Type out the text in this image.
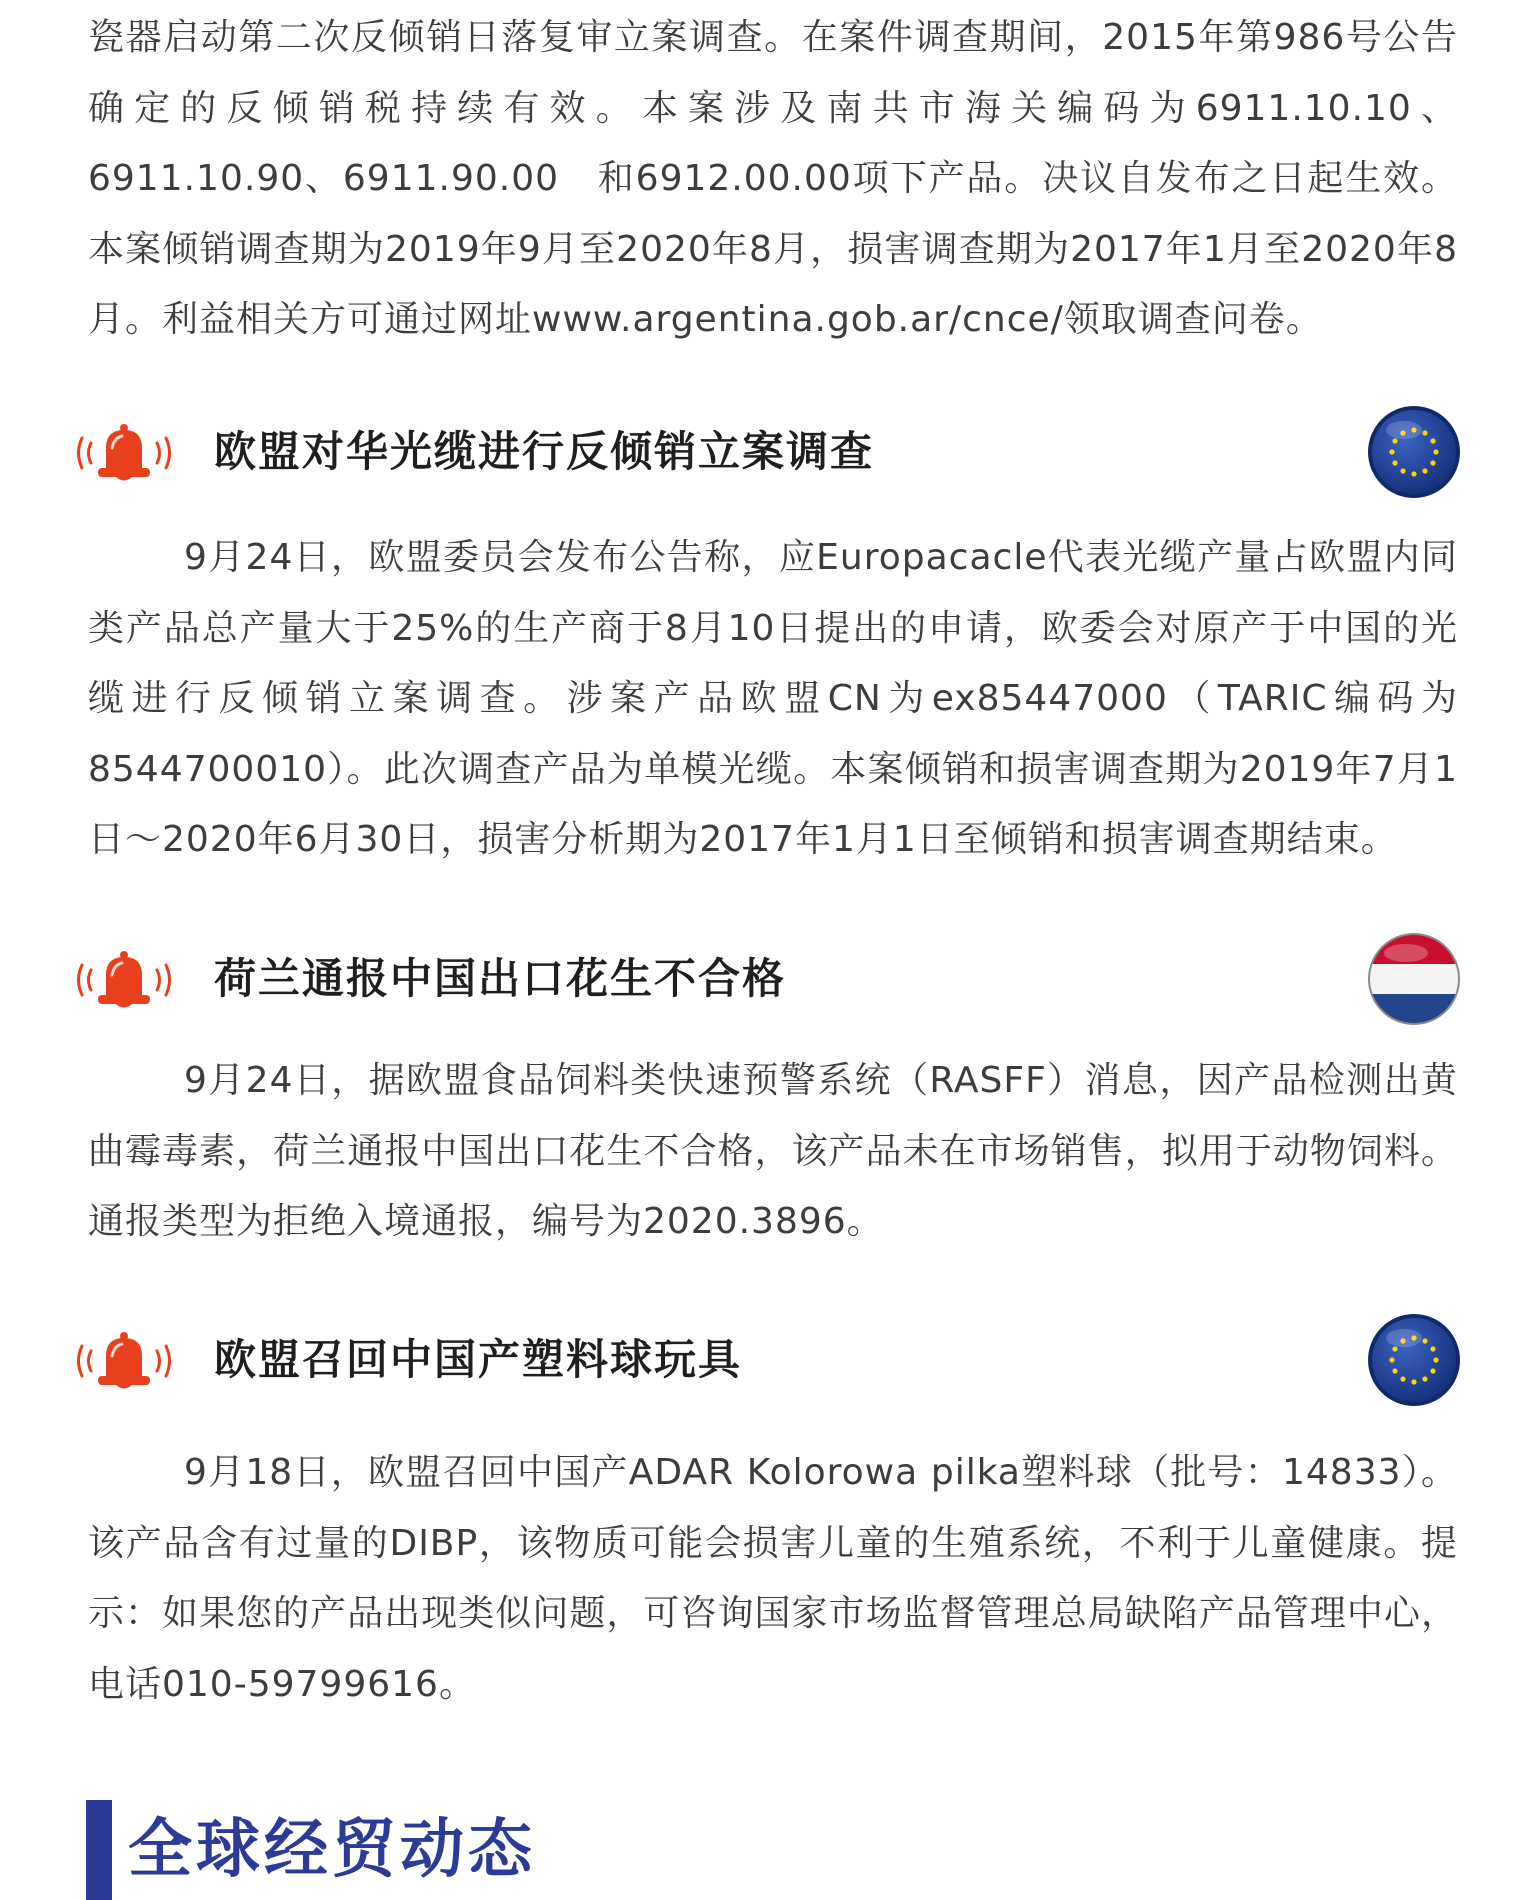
瓷器启动第二次反倾销日落复审立案调查。在案件调查期间，2015年第986号公告确定的反倾销税持续有效。本案涉及南共市海关编码为6911.10.10、6911.10.90、6911.90.00　和6912.00.00项下产品。决议自发布之日起生效。本案倾销调查期为2019年9月至2020年8月，损害调查期为2017年1月至2020年8月。利益相关方可通过网址www.argentina.gob.ar/cnce/领取调查问卷。

欧盟对华光缆进行反倾销立案调查

9月24日，欧盟委员会发布公告称，应Europacacle代表光缆产量占欧盟内同类产品总产量大于25%的生产商于8月10日提出的申请，欧委会对原产于中国的光缆进行反倾销立案调查。涉案产品欧盟CN为ex85447000（TARIC编码为8544700010）。此次调查产品为单模光缆。本案倾销和损害调查期为2019年7月1日～2020年6月30日，损害分析期为2017年1月1日至倾销和损害调查期结束。

荷兰通报中国出口花生不合格

9月24日，据欧盟食品饲料类快速预警系统（RASFF）消息，因产品检测出黄曲霉毒素，荷兰通报中国出口花生不合格，该产品未在市场销售，拟用于动物饲料。通报类型为拒绝入境通报，编号为2020.3896。

欧盟召回中国产塑料球玩具

9月18日，欧盟召回中国产ADAR Kolorowa pilka塑料球（批号：14833）。该产品含有过量的DIBP，该物质可能会损害儿童的生殖系统，不利于儿童健康。提示：如果您的产品出现类似问题，可咨询国家市场监督管理总局缺陷产品管理中心，电话010-59799616。

全球经贸动态
